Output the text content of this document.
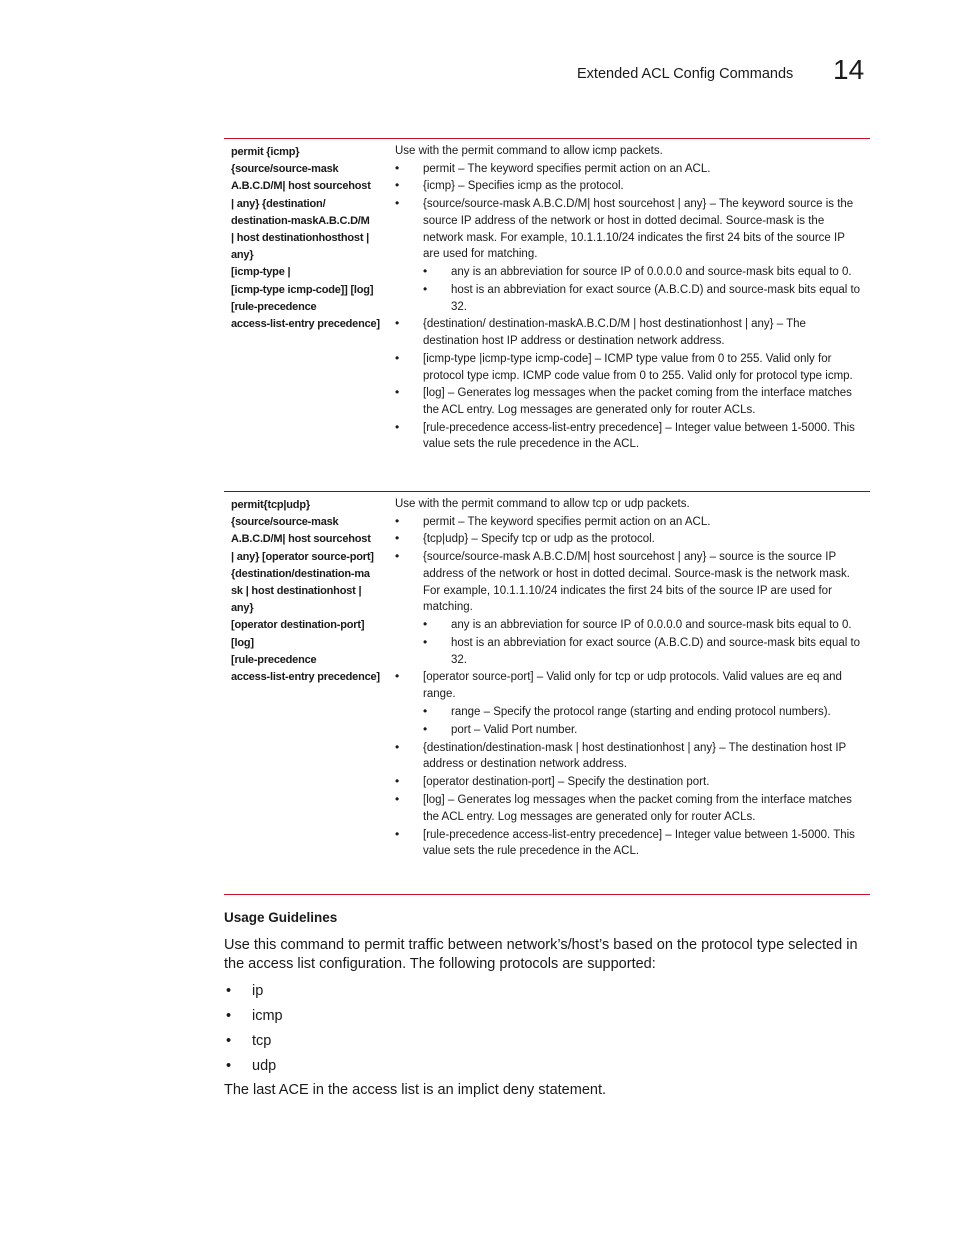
Extended ACL Config Commands 14
permit {icmp}
{source/source-mask
A.B.C.D/M| host sourcehost
| any} {destination/
destination-maskA.B.C.D/M
| host destinationhosthost |
any}
[icmp-type |
[icmp-type icmp-code]] [log]
[rule-precedence
access-list-entry precedence]
Use with the permit command to allow icmp packets.
• permit – The keyword specifies permit action on an ACL.
• {icmp} – Specifies icmp as the protocol.
• {source/source-mask A.B.C.D/M| host sourcehost | any} – The keyword source is the source IP address of the network or host in dotted decimal. Source-mask is the network mask. For example, 10.1.1.10/24 indicates the first 24 bits of the source IP are used for matching.
• any is an abbreviation for source IP of 0.0.0.0 and source-mask bits equal to 0.
• host is an abbreviation for exact source (A.B.C.D) and source-mask bits equal to 32.
• {destination/ destination-maskA.B.C.D/M | host destinationhost | any} – The destination host IP address or destination network address.
• [icmp-type |icmp-type icmp-code] – ICMP type value from 0 to 255. Valid only for protocol type icmp. ICMP code value from 0 to 255. Valid only for protocol type icmp.
• [log] – Generates log messages when the packet coming from the interface matches the ACL entry. Log messages are generated only for router ACLs.
• [rule-precedence access-list-entry precedence] – Integer value between 1-5000. This value sets the rule precedence in the ACL.
permit{tcp|udp}
{source/source-mask
A.B.C.D/M| host sourcehost
| any} [operator source-port]
{destination/destination-ma
sk | host destinationhost |
any}
[operator destination-port]
[log]
[rule-precedence
access-list-entry precedence]
Use with the permit command to allow tcp or udp packets.
• permit – The keyword specifies permit action on an ACL.
• {tcp|udp} – Specify tcp or udp as the protocol.
• {source/source-mask A.B.C.D/M| host sourcehost | any} – source is the source IP address of the network or host in dotted decimal. Source-mask is the network mask. For example, 10.1.1.10/24 indicates the first 24 bits of the source IP are used for matching.
• any is an abbreviation for source IP of 0.0.0.0 and source-mask bits equal to 0.
• host is an abbreviation for exact source (A.B.C.D) and source-mask bits equal to 32.
• [operator source-port] – Valid only for tcp or udp protocols. Valid values are eq and range.
• range – Specify the protocol range (starting and ending protocol numbers).
• port – Valid Port number.
• {destination/destination-mask | host destinationhost | any} – The destination host IP address or destination network address.
• [operator destination-port] – Specify the destination port.
• [log] – Generates log messages when the packet coming from the interface matches the ACL entry. Log messages are generated only for router ACLs.
• [rule-precedence access-list-entry precedence] – Integer value between 1-5000. This value sets the rule precedence in the ACL.
Usage Guidelines
Use this command to permit traffic between network’s/host’s based on the protocol type selected in the access list configuration. The following protocols are supported:
• ip
• icmp
• tcp
• udp
The last ACE in the access list is an implict deny statement.
